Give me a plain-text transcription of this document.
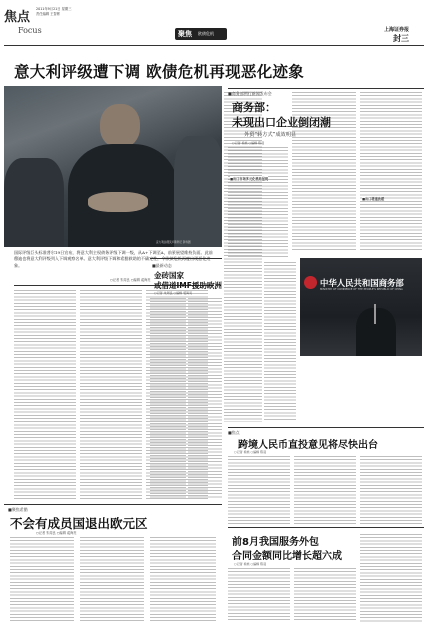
焦点
Focus
2011年9月21日 星期三
责任编辑 王智彬
聚焦 欧债危机
上海证券报
封三
意大利评级遭下调 欧债危机再现恶化迹象
意大利总理贝卢斯科尼 资料图
国际评级巨头标准普尔19日宣布，将意大利主权债务评级下调一级，从A+下调至A，前景展望维持负面。此前穆迪也将意大利评级列入下调观察名单。意大利评级下调和希腊救助的不确定性，令欧债危机再度出现恶化迹象。
○记者 朱周良 ○编辑 裘海亮
■聚焦希腊
不会有成员国退出欧元区
○记者 朱周良 ○编辑 裘海亮
■最新动态
金砖国家
或借道IMF援助欧洲
○记者 朱周良 ○编辑 裘海亮
■商务部例行新闻发布会
商务部：
未现出口企业倒闭潮
外贸“转方式”成效明显
○记者 杨烁 ○编辑 陈羽
■出口市场多元化格局显现
■出口增速放缓
中华人民共和国商务部
MINISTRY OF COMMERCE OF THE PEOPLE'S REPUBLIC OF CHINA
■焦点
跨境人民币直投意见将尽快出台
○记者 杨烁 ○编辑 陈羽
前8月我国服务外包
合同金额同比增长超六成
○记者 杨烁 ○编辑 陈羽
